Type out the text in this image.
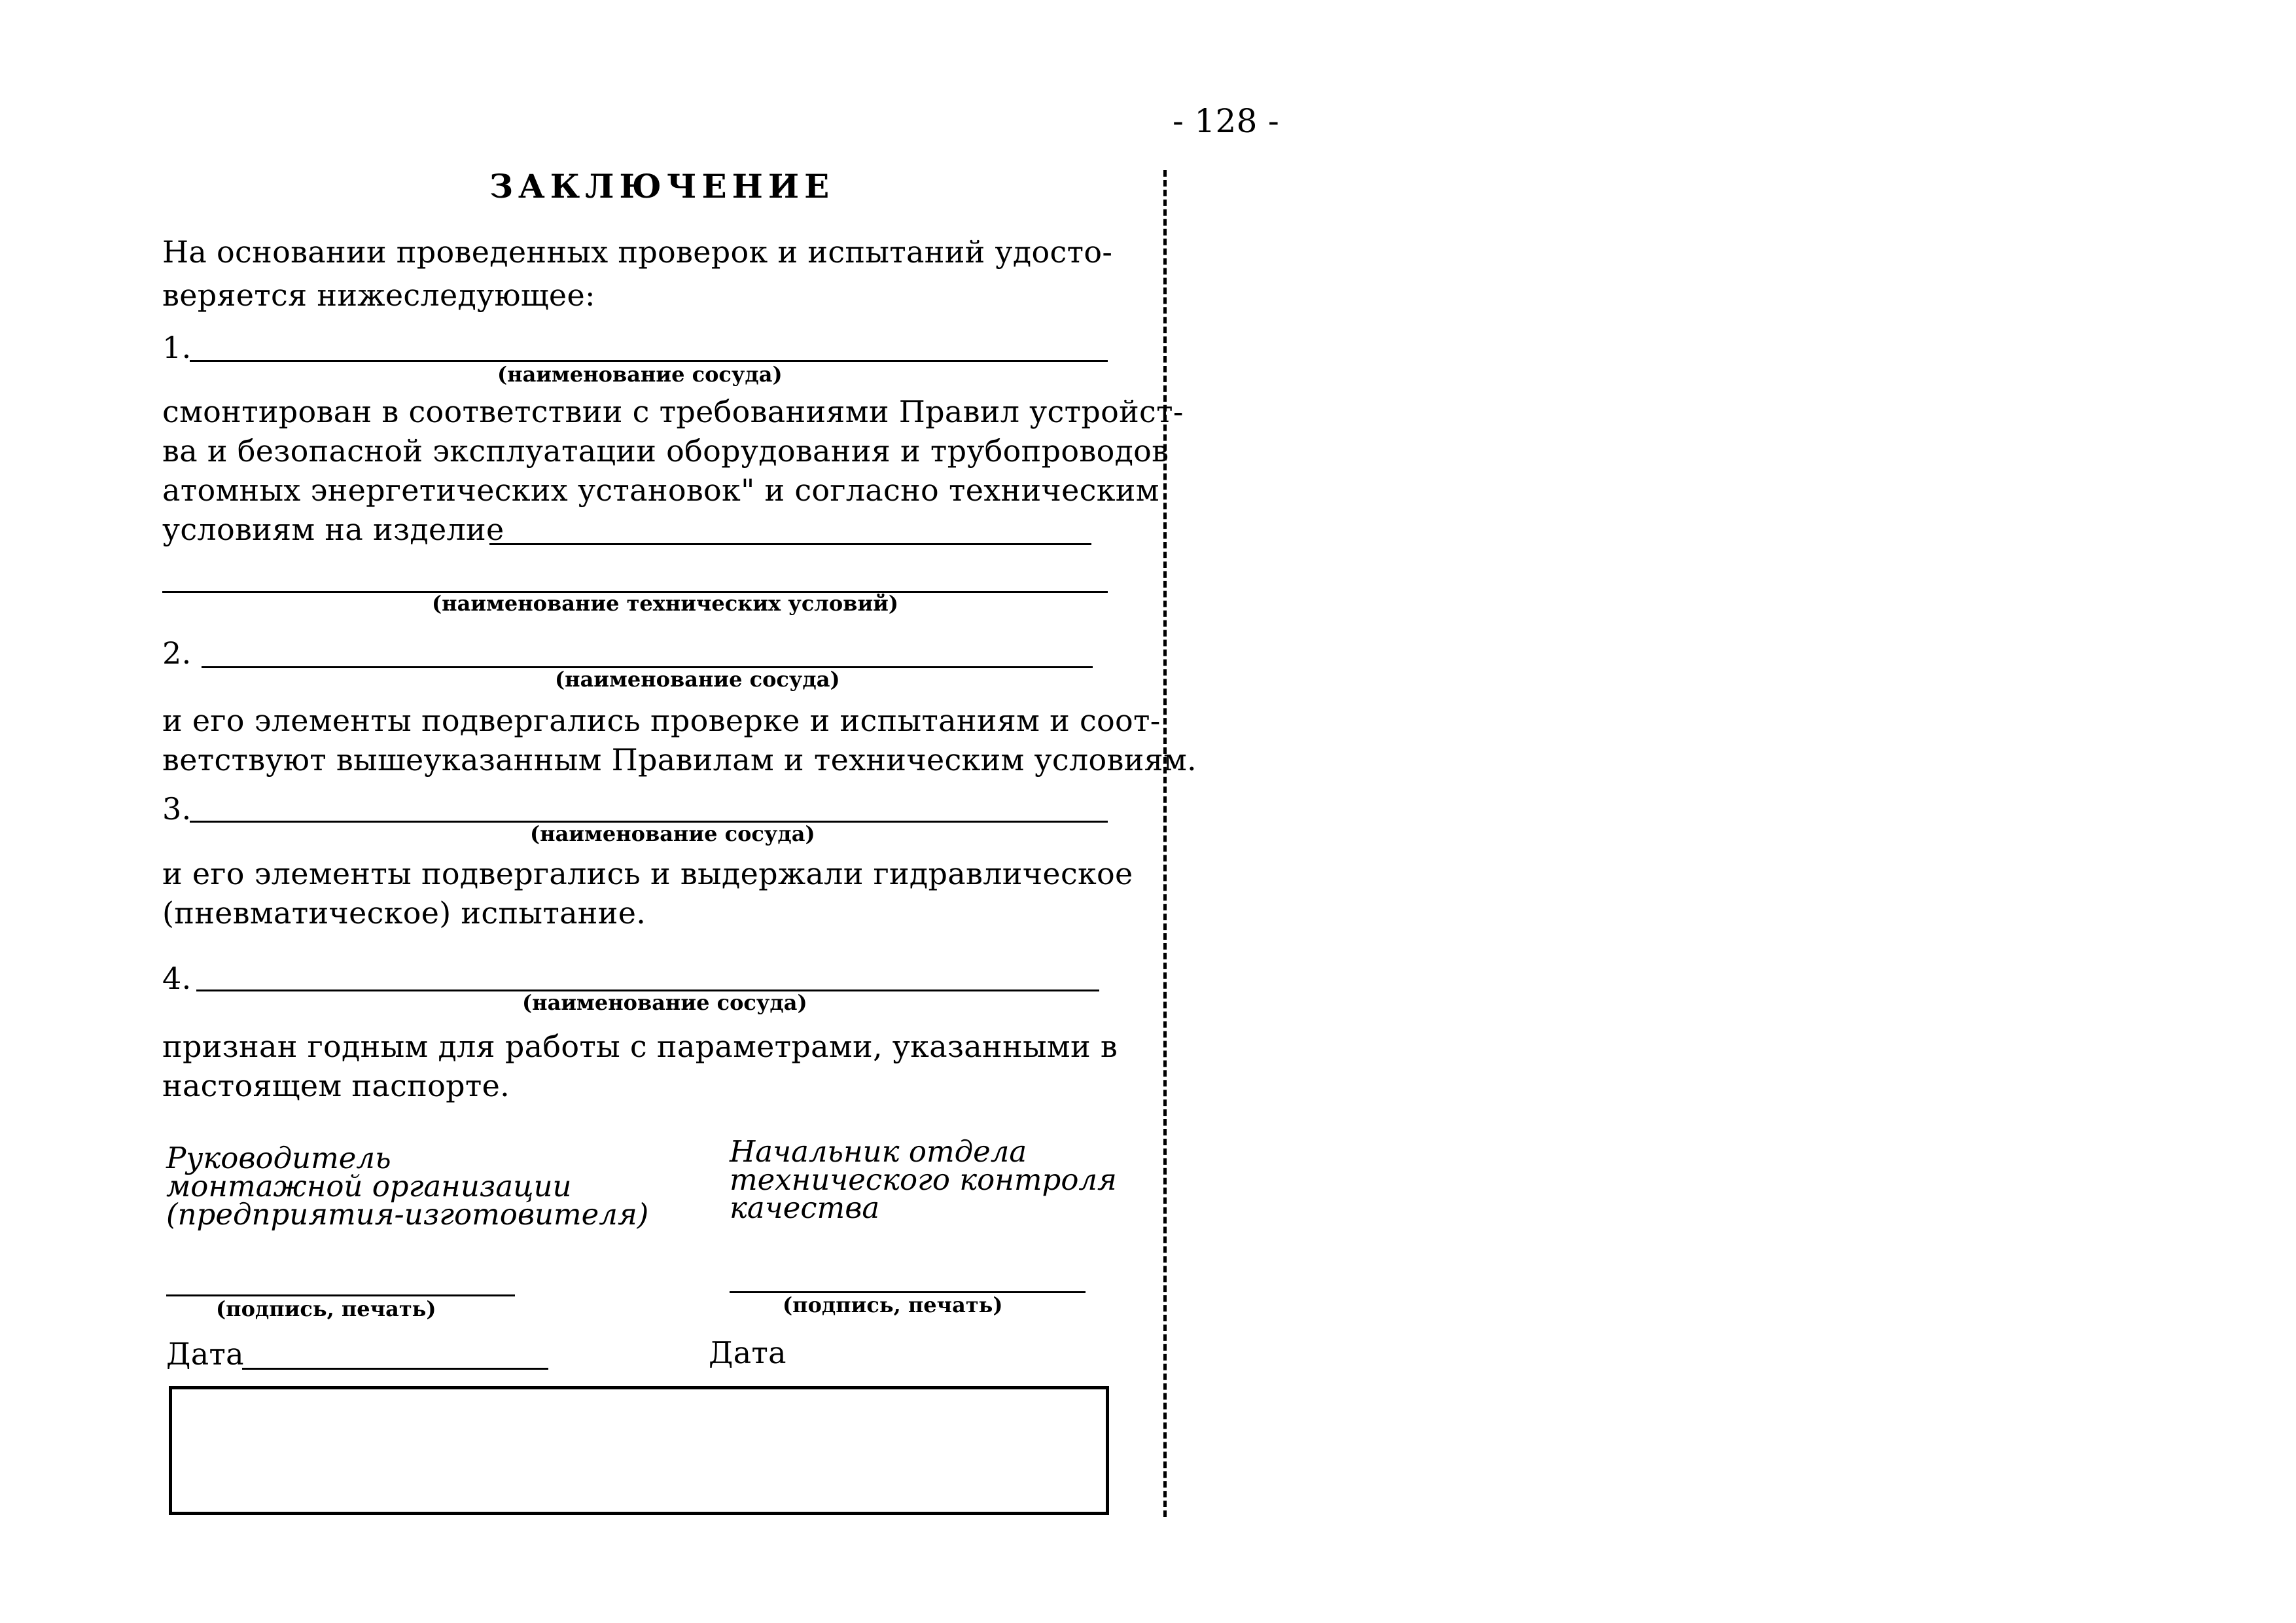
- 128 -
ЗАКЛЮЧЕНИЕ
На основании проведенных проверок и испытаний удосто-
веряется нижеследующее:
1.
(наименование сосуда)
смонтирован в соответствии с требованиями Правил устройст-
ва и безопасной эксплуатации оборудования и трубопроводов
атомных энергетических установок" и согласно техническим
условиям на изделие
(наименование технических условий)
2.
(наименование сосуда)
и его элементы подвергались проверке и испытаниям и соот-
ветствуют вышеуказанным Правилам и техническим условиям.
3.
(наименование сосуда)
и его элементы подвергались и выдержали гидравлическое
(пневматическое) испытание.
4.
(наименование сосуда)
признан годным для работы с параметрами, указанными в
настоящем паспорте.
Руководитель
монтажной организации
(предприятия-изготовителя)
(подпись, печать)
Дата
Начальник отдела
технического контроля
качества
(подпись, печать)
Дата
